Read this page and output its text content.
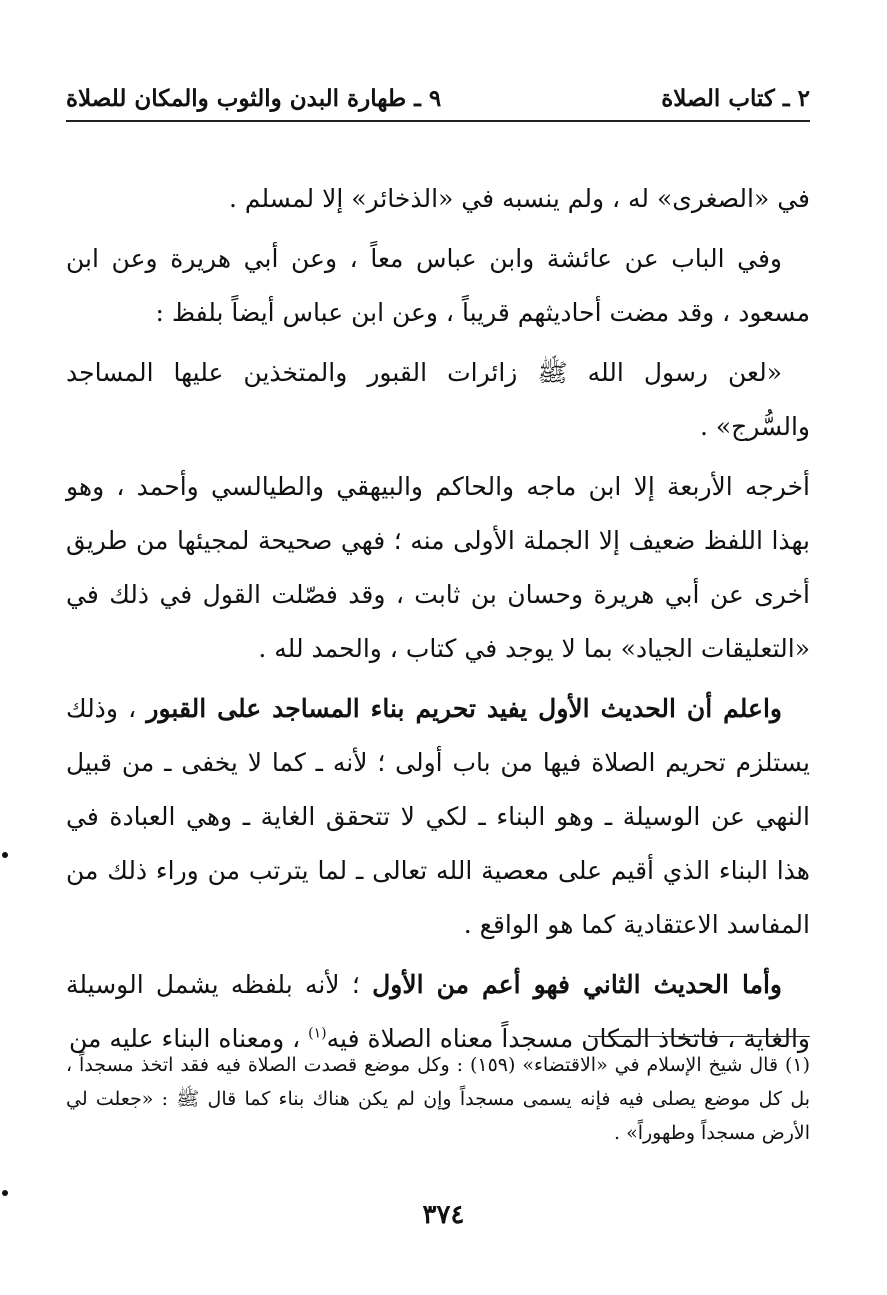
٢ ـ كتاب الصلاة
٩ ـ طهارة البدن والثوب والمكان للصلاة

في «الصغرى» له ، ولم ينسبه في «الذخائر» إلا لمسلم .

وفي الباب عن عائشة وابن عباس معاً ، وعن أبي هريرة وعن ابن مسعود ، وقد مضت أحاديثهم قريباً ، وعن ابن عباس أيضاً بلفظ :

«لعن رسول الله ﷺ زائرات القبور والمتخذين عليها المساجد والسُّرج» .

أخرجه الأربعة إلا ابن ماجه والحاكم والبيهقي والطيالسي وأحمد ، وهو بهذا اللفظ ضعيف إلا الجملة الأولى منه ؛ فهي صحيحة لمجيئها من طريق أخرى عن أبي هريرة وحسان بن ثابت ، وقد فصّلت القول في ذلك في «التعليقات الجياد» بما لا يوجد في كتاب ، والحمد لله .

واعلم أن الحديث الأول يفيد تحريم بناء المساجد على القبور ، وذلك يستلزم تحريم الصلاة فيها من باب أولى ؛ لأنه ـ كما لا يخفى ـ من قبيل النهي عن الوسيلة ـ وهو البناء ـ لكي لا تتحقق الغاية ـ وهي العبادة في هذا البناء الذي أقيم على معصية الله تعالى ـ لما يترتب من وراء ذلك من المفاسد الاعتقادية كما هو الواقع .

وأما الحديث الثاني فهو أعم من الأول ؛ لأنه بلفظه يشمل الوسيلة والغاية ، فاتخاذ المكان مسجداً معناه الصلاة فيه$^{(١)}$ ، ومعناه البناء عليه من

(١) قال شيخ الإسلام في «الاقتضاء» (١٥٩) : وكل موضع قصدت الصلاة فيه فقد اتخذ مسجداً ، بل كل موضع يصلى فيه فإنه يسمى مسجداً وإن لم يكن هناك بناء كما قال ﷺ : «جعلت لي الأرض مسجداً وطهوراً» .

٣٧٤
